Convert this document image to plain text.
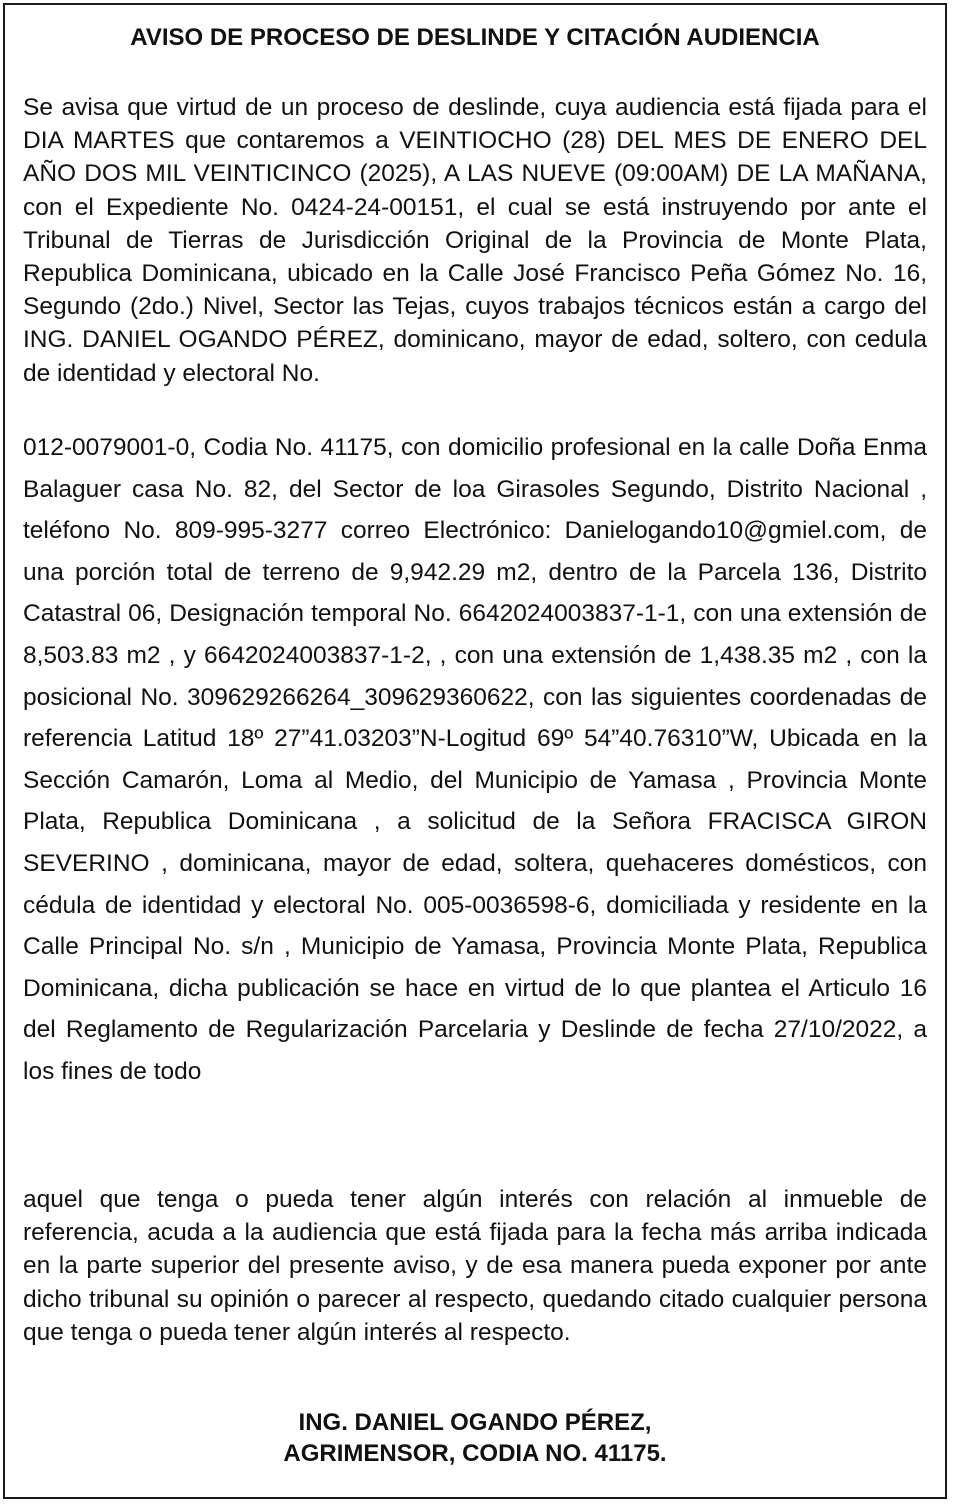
AVISO DE PROCESO DE DESLINDE Y CITACIÓN AUDIENCIA

Se avisa que virtud de un proceso de deslinde, cuya audiencia está fijada para el DIA MARTES que contaremos a VEINTIOCHO (28) DEL MES DE ENERO DEL AÑO DOS MIL VEINTICINCO (2025), A LAS NUEVE (09:00AM) DE LA MAÑANA, con el Expediente No. 0424-24-00151, el cual se está instruyendo por ante el Tribunal de Tierras de Jurisdicción Original de la Provincia de Monte Plata, Republica Dominicana, ubicado en la Calle José Francisco Peña Gómez No. 16, Segundo (2do.) Nivel, Sector las Tejas, cuyos trabajos técnicos están a cargo del ING. DANIEL OGANDO PÉREZ, dominicano, mayor de edad, soltero, con cedula de identidad y electoral No.

012-0079001-0, Codia No. 41175, con domicilio profesional en la calle Doña Enma Balaguer casa No. 82, del Sector de loa Girasoles Segundo, Distrito Nacional , teléfono No. 809-995-3277 correo Electrónico: Danielogando10@gmiel.com, de una porción total de terreno de 9,942.29 m2, dentro de la Parcela 136, Distrito Catastral 06, Designación temporal No. 6642024003837-1-1, con una extensión de 8,503.83 m2 , y 6642024003837-1-2, , con una extensión de 1,438.35 m2 , con la posicional No. 309629266264_309629360622, con las siguientes coordenadas de referencia Latitud 18º 27”41.03203”N-Logitud 69º 54”40.76310”W, Ubicada en la Sección Camarón, Loma al Medio, del Municipio de Yamasa , Provincia Monte Plata, Republica Dominicana , a solicitud de la Señora FRACISCA GIRON SEVERINO , dominicana, mayor de edad, soltera, quehaceres domésticos, con cédula de identidad y electoral No. 005-0036598-6, domiciliada y residente en la Calle Principal No. s/n , Municipio de Yamasa, Provincia Monte Plata, Republica Dominicana, dicha publicación se hace en virtud de lo que plantea el Articulo 16 del Reglamento de Regularización Parcelaria y Deslinde de fecha 27/10/2022, a los fines de todo

aquel que tenga o pueda tener algún interés con relación al inmueble de referencia, acuda a la audiencia que está fijada para la fecha más arriba indicada en la parte superior del presente aviso, y de esa manera pueda exponer por ante dicho tribunal su opinión o parecer al respecto, quedando citado cualquier persona que tenga o pueda tener algún interés al respecto.

ING. DANIEL OGANDO PÉREZ,
AGRIMENSOR, CODIA NO. 41175.
